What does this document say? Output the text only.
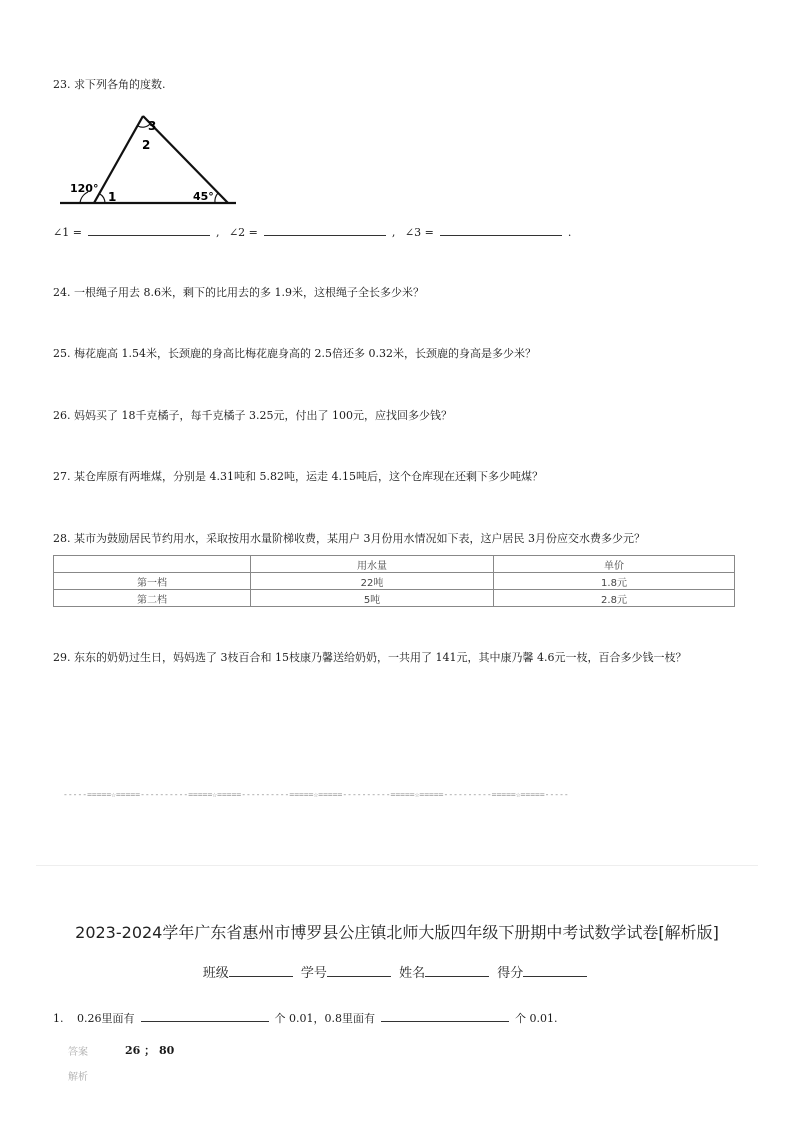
23. 求下列各角的度数.
3
2
1
120°
45°
∠1 =	, ∠2 =	, ∠3 =	.
24. 一根绳子用去 8.6米，剩下的比用去的多 1.9米，这根绳子全长多少米？
25. 梅花鹿高 1.54米，长颈鹿的身高比梅花鹿身高的 2.5倍还多 0.32米，长颈鹿的身高是多少米？
26. 妈妈买了 18千克橘子，每千克橘子 3.25元，付出了 100元，应找回多少钱？
27. 某仓库原有两堆煤，分别是 4.31吨和 5.82吨，运走 4.15吨后，这个仓库现在还剩下多少吨煤？
28. 某市为鼓励居民节约用水，采取按用水量阶梯收费，某用户 3月份用水情况如下表，这户居民 3月份应交水费多少元？
	用水量	单价
第一档	22吨	1.8元
第二档	5吨	2.8元
29. 东东的奶奶过生日，妈妈选了 3枝百合和 15枝康乃馨送给奶奶，一共用了 141元，其中康乃馨 4.6元一枝，百合多少钱一枝？
-----=====☆=====----------=====☆=====----------=====☆=====----------=====☆=====----------=====☆=====-----
2023-2024学年广东省惠州市博罗县公庄镇北师大版四年级下册期中考试数学试卷[解析版]
班级	学号	姓名	得分
1. 0.26里面有	个 0.01，0.8里面有	个 0.01.
答案	26 ； 80
解析
